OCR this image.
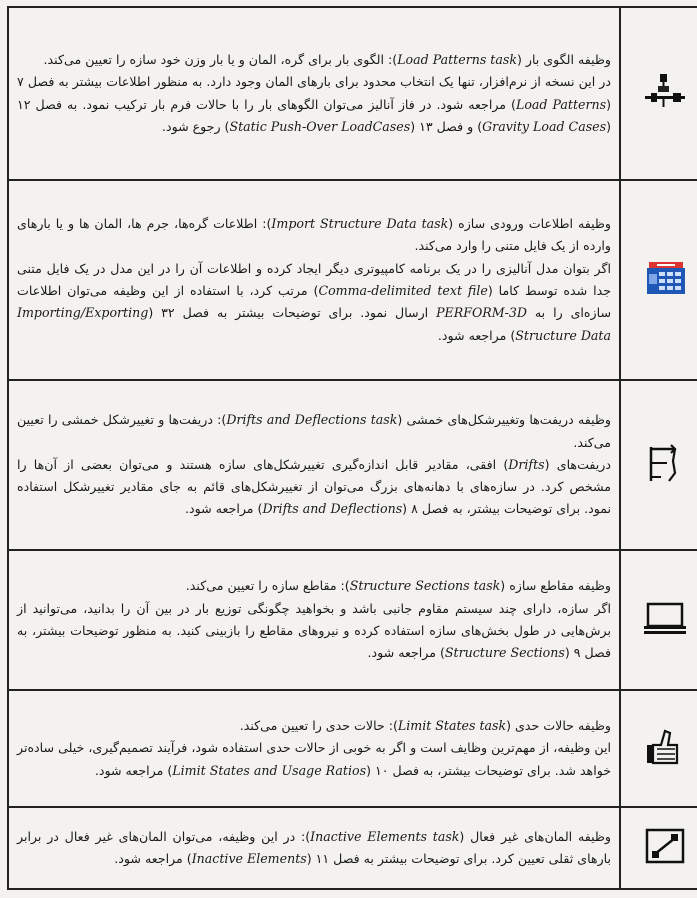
وظیفه الگوی بار (Load Patterns task): الگوی بار برای گره، المان و یا بار وزن خود سازه را تعیین می‌کند.

در این نسخه از نرم‌افزار، تنها یک انتخاب محدود برای بارهای المان وجود دارد. به منظور اطلاعات بیشتر به فصل ۷ (Load Patterns) مراجعه شود. در فاز آنالیز می‌توان الگوهای بار را با حالات فرم بار ترکیب نمود. به فصل ۱۲ (Gravity Load Cases) و فصل ۱۳ (Static Push-Over LoadCases) رجوع شود.

وظیفه اطلاعات ورودی سازه (Import Structure Data task): اطلاعات گره‌ها، جرم ها، المان ها و یا بارهای وارده از یک فایل متنی را وارد می‌کند.

اگر بتوان مدل آنالیزی را در یک برنامه کامپیوتری دیگر ایجاد کرده و اطلاعات آن را در این مدل در یک فایل متنی جدا شده توسط کاما (Comma-delimited text file) مرتب کرد، با استفاده از این وظیفه می‌توان اطلاعات سازه‌ای را به PERFORM-3D ارسال نمود. برای توضیحات بیشتر به فصل ۳۲ (Importing/Exporting Structure Data) مراجعه شود.

وظیفه دریفت‌ها وتغییرشکل‌های خمشی (Drifts and Deflections task): دریفت‌ها و تغییرشکل خمشی را تعیین می‌کند.

دریفت‌های (Drifts) افقی، مقادیر قابل اندازه‌گیری تغییرشکل‌های سازه هستند و می‌توان بعضی از آن‌ها را مشخص کرد. در سازه‌های با دهانه‌های بزرگ می‌توان از تغییرشکل‌های قائم به جای مقادیر تغییرشکل استفاده نمود. برای توضیحات بیشتر، به فصل ۸ (Drifts and Deflections) مراجعه شود.

وظیفه مقاطع سازه (Structure Sections task): مقاطع سازه را تعیین می‌کند.

اگر سازه، دارای چند سیستم مقاوم جانبی باشد و بخواهید چگونگی توزیع بار در بین آن را بدانید، می‌توانید از برش‌هایی در طول بخش‌های سازه استفاده کرده و نیروهای مقاطع را بازبینی کنید. به منظور توضیحات بیشتر، به فصل ۹ (Structure Sections) مراجعه شود.

وظیفه حالات حدی (Limit States task): حالات حدی را تعیین می‌کند.

این وظیفه، از مهم‌ترین وظایف است و اگر به خوبی از حالات حدی استفاده شود، فرآیند تصمیم‌گیری، خیلی ساده‌تر خواهد شد. برای توضیحات بیشتر، به فصل ۱۰ (Limit States and Usage Ratios) مراجعه شود.

وظیفه المان‌های غیر فعال (Inactive Elements task): در این وظیفه، می‌توان المان‌های غیر فعال در برابر بارهای ثقلی تعیین کرد. برای توضیحات بیشتر به فصل ۱۱ (Inactive Elements) مراجعه شود.
